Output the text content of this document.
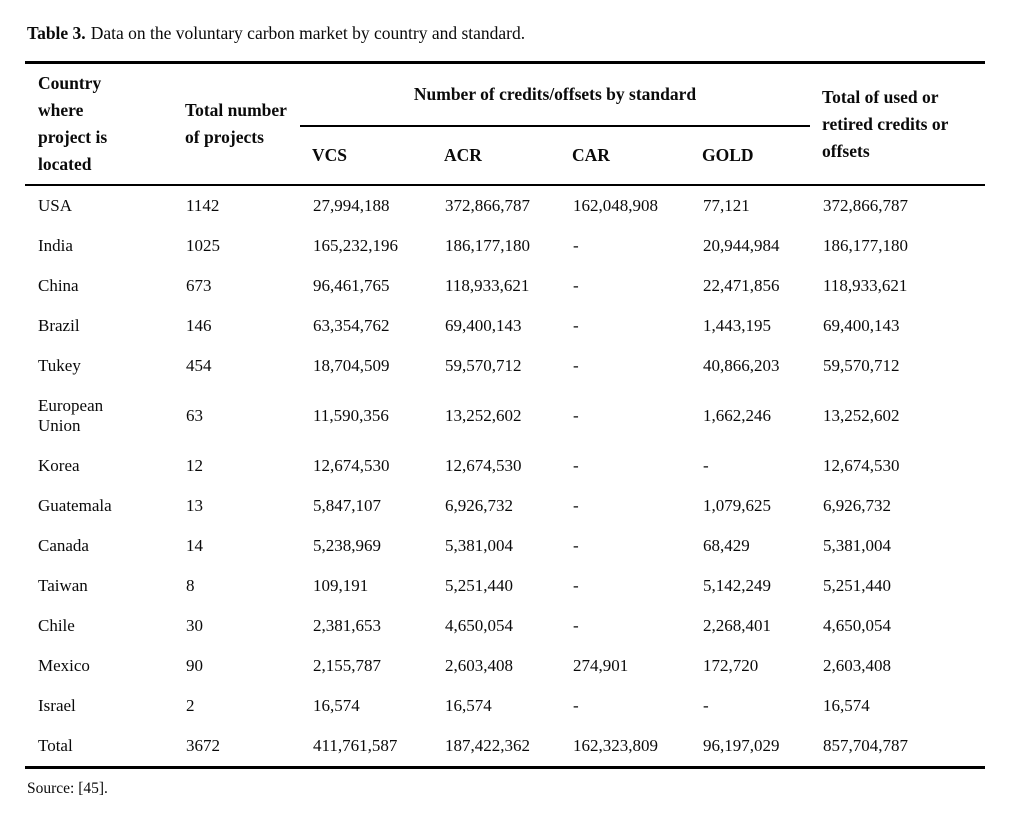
Table 3. Data on the voluntary carbon market by country and standard.

Country where project is located	Total number of projects	Number of credits/offsets by standard				Total of used or retired credits or offsets
		VCS	ACR	CAR	GOLD	
USA	1142	27,994,188	372,866,787	162,048,908	77,121	372,866,787
India	1025	165,232,196	186,177,180	-	20,944,984	186,177,180
China	673	96,461,765	118,933,621	-	22,471,856	118,933,621
Brazil	146	63,354,762	69,400,143	-	1,443,195	69,400,143
Tukey	454	18,704,509	59,570,712	-	40,866,203	59,570,712
European Union	63	11,590,356	13,252,602	-	1,662,246	13,252,602
Korea	12	12,674,530	12,674,530	-	-	12,674,530
Guatemala	13	5,847,107	6,926,732	-	1,079,625	6,926,732
Canada	14	5,238,969	5,381,004	-	68,429	5,381,004
Taiwan	8	109,191	5,251,440	-	5,142,249	5,251,440
Chile	30	2,381,653	4,650,054	-	2,268,401	4,650,054
Mexico	90	2,155,787	2,603,408	274,901	172,720	2,603,408
Israel	2	16,574	16,574	-	-	16,574
Total	3672	411,761,587	187,422,362	162,323,809	96,197,029	857,704,787

Source: [45].
